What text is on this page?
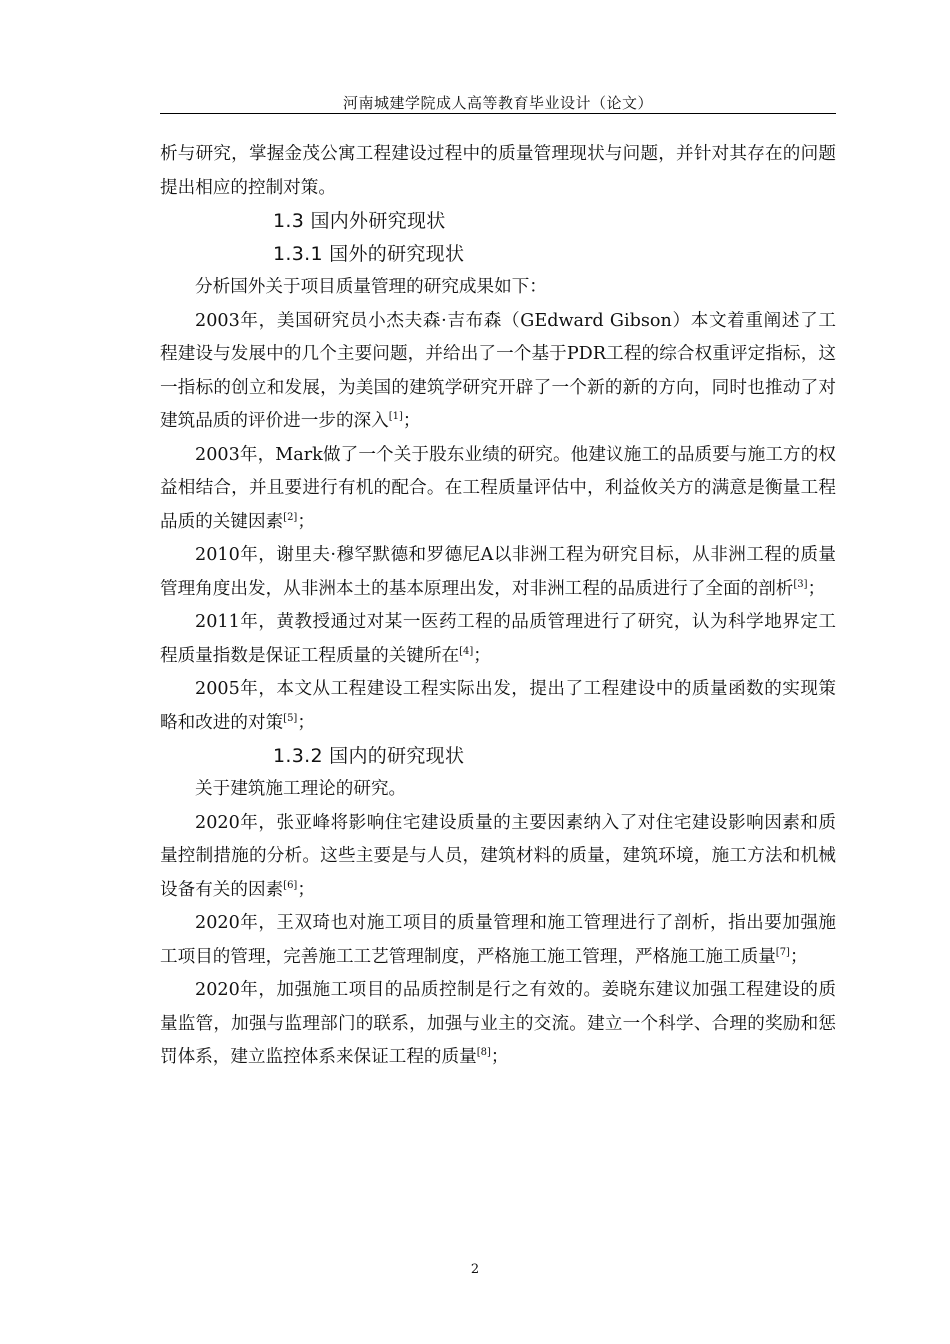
河南城建学院成人高等教育毕业设计（论文）

析与研究，掌握金茂公寓工程建设过程中的质量管理现状与问题，并针对其存在的问题提出相应的控制对策。

1.3 国内外研究现状

1.3.1 国外的研究现状

分析国外关于项目质量管理的研究成果如下：

2003年，美国研究员小杰夫森·吉布森（GEdward Gibson）本文着重阐述了工程建设与发展中的几个主要问题，并给出了一个基于PDR工程的综合权重评定指标，这一指标的创立和发展，为美国的建筑学研究开辟了一个新的新的方向，同时也推动了对建筑品质的评价进一步的深入[1]；

2003年，Mark做了一个关于股东业绩的研究。他建议施工的品质要与施工方的权益相结合，并且要进行有机的配合。在工程质量评估中，利益攸关方的满意是衡量工程品质的关键因素[2]；

2010年，谢里夫·穆罕默德和罗德尼A以非洲工程为研究目标，从非洲工程的质量管理角度出发，从非洲本土的基本原理出发，对非洲工程的品质进行了全面的剖析[3]；

2011年，黄教授通过对某一医药工程的品质管理进行了研究，认为科学地界定工程质量指数是保证工程质量的关键所在[4]；

2005年，本文从工程建设工程实际出发，提出了工程建设中的质量函数的实现策略和改进的对策[5]；

1.3.2 国内的研究现状

关于建筑施工理论的研究。

2020年，张亚峰将影响住宅建设质量的主要因素纳入了对住宅建设影响因素和质量控制措施的分析。这些主要是与人员，建筑材料的质量，建筑环境，施工方法和机械设备有关的因素[6]；

2020年，王双琦也对施工项目的质量管理和施工管理进行了剖析，指出要加强施工项目的管理，完善施工工艺管理制度，严格施工施工管理，严格施工施工质量[7]；

2020年，加强施工项目的品质控制是行之有效的。姜晓东建议加强工程建设的质量监管，加强与监理部门的联系，加强与业主的交流。建立一个科学、合理的奖励和惩罚体系，建立监控体系来保证工程的质量[8]；

2
